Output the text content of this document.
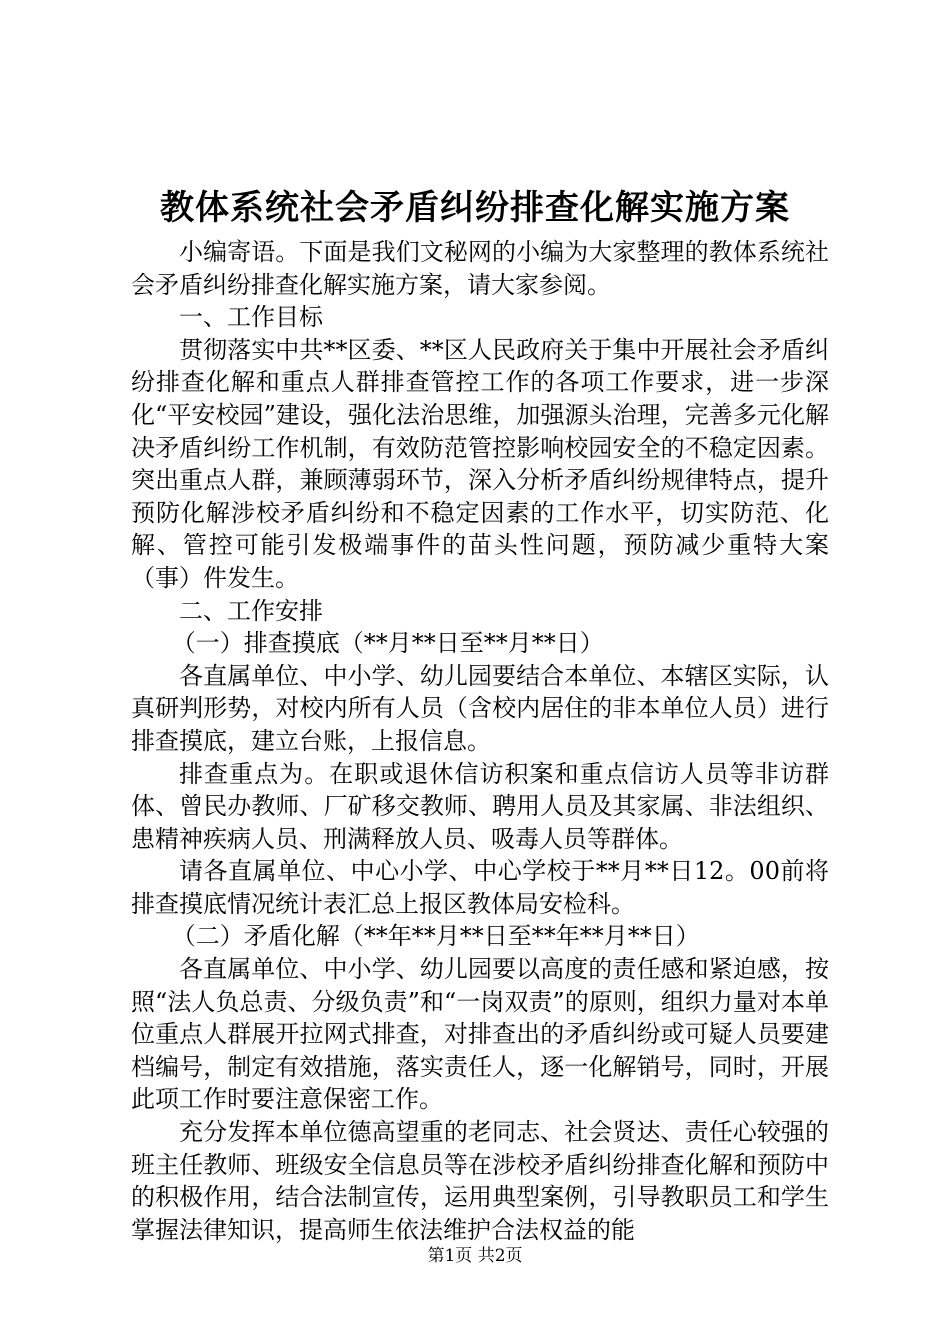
教体系统社会矛盾纠纷排查化解实施方案

小编寄语。下面是我们文秘网的小编为大家整理的教体系统社会矛盾纠纷排查化解实施方案，请大家参阅。

一、工作目标

贯彻落实中共**区委、**区人民政府关于集中开展社会矛盾纠纷排查化解和重点人群排查管控工作的各项工作要求，进一步深化“平安校园”建设，强化法治思维，加强源头治理，完善多元化解决矛盾纠纷工作机制，有效防范管控影响校园安全的不稳定因素。突出重点人群，兼顾薄弱环节，深入分析矛盾纠纷规律特点，提升预防化解涉校矛盾纠纷和不稳定因素的工作水平，切实防范、化解、管控可能引发极端事件的苗头性问题，预防减少重特大案（事）件发生。

二、工作安排

（一）排查摸底（**月**日至**月**日）

各直属单位、中小学、幼儿园要结合本单位、本辖区实际，认真研判形势，对校内所有人员（含校内居住的非本单位人员）进行排查摸底，建立台账，上报信息。

排查重点为。在职或退休信访积案和重点信访人员等非访群体、曾民办教师、厂矿移交教师、聘用人员及其家属、非法组织、患精神疾病人员、刑满释放人员、吸毒人员等群体。

请各直属单位、中心小学、中心学校于**月**日12。00前将排查摸底情况统计表汇总上报区教体局安检科。

（二）矛盾化解（**年**月**日至**年**月**日）

各直属单位、中小学、幼儿园要以高度的责任感和紧迫感，按照“法人负总责、分级负责”和“一岗双责”的原则，组织力量对本单位重点人群展开拉网式排查，对排查出的矛盾纠纷或可疑人员要建档编号，制定有效措施，落实责任人，逐一化解销号，同时，开展此项工作时要注意保密工作。

充分发挥本单位德高望重的老同志、社会贤达、责任心较强的班主任教师、班级安全信息员等在涉校矛盾纠纷排查化解和预防中的积极作用，结合法制宣传，运用典型案例，引导教职员工和学生掌握法律知识，提高师生依法维护合法权益的能

第1页 共2页
